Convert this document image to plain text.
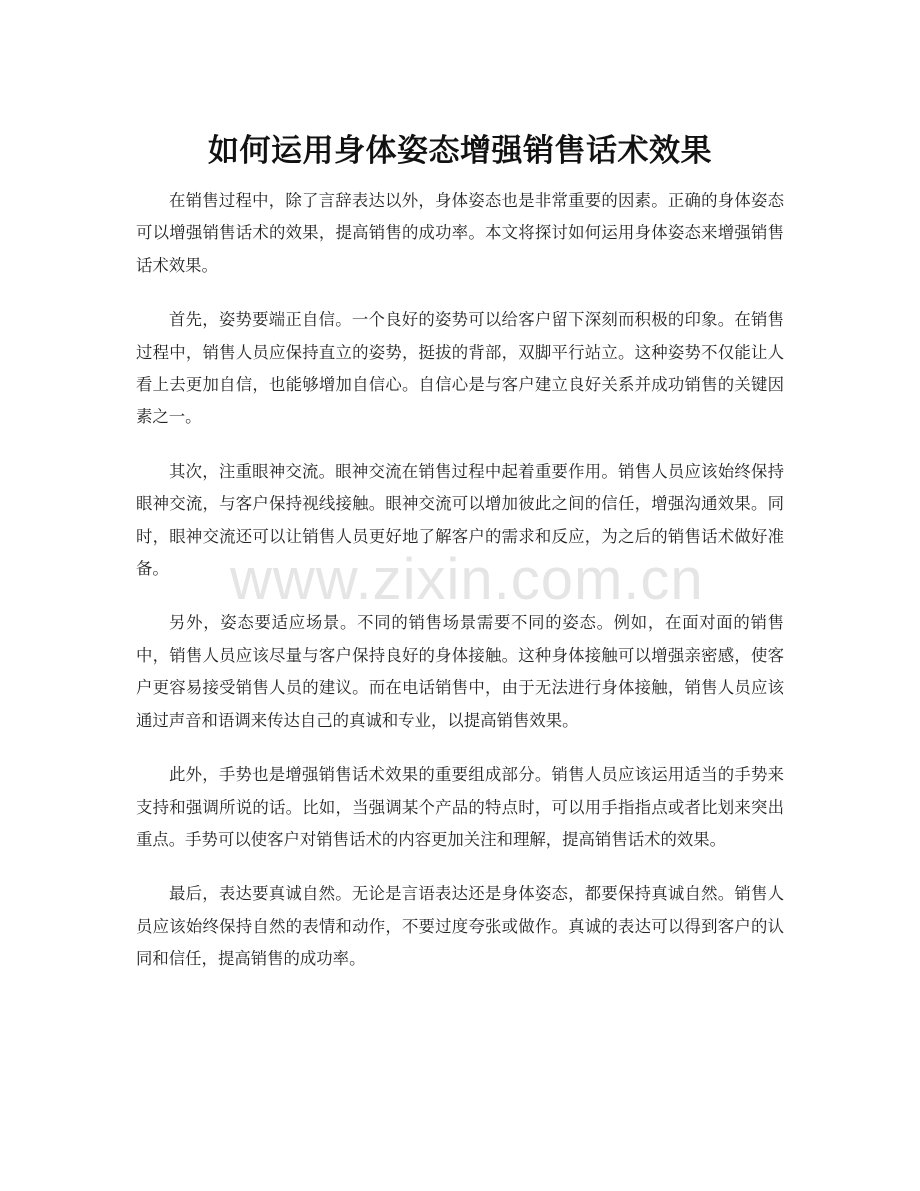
如何运用身体姿态增强销售话术效果

在销售过程中，除了言辞表达以外，身体姿态也是非常重要的因素。正确的身体姿态可以增强销售话术的效果，提高销售的成功率。本文将探讨如何运用身体姿态来增强销售话术效果。

首先，姿势要端正自信。一个良好的姿势可以给客户留下深刻而积极的印象。在销售过程中，销售人员应保持直立的姿势，挺拔的背部，双脚平行站立。这种姿势不仅能让人看上去更加自信，也能够增加自信心。自信心是与客户建立良好关系并成功销售的关键因素之一。

其次，注重眼神交流。眼神交流在销售过程中起着重要作用。销售人员应该始终保持眼神交流，与客户保持视线接触。眼神交流可以增加彼此之间的信任，增强沟通效果。同时，眼神交流还可以让销售人员更好地了解客户的需求和反应，为之后的销售话术做好准备。

另外，姿态要适应场景。不同的销售场景需要不同的姿态。例如，在面对面的销售中，销售人员应该尽量与客户保持良好的身体接触。这种身体接触可以增强亲密感，使客户更容易接受销售人员的建议。而在电话销售中，由于无法进行身体接触，销售人员应该通过声音和语调来传达自己的真诚和专业，以提高销售效果。

此外，手势也是增强销售话术效果的重要组成部分。销售人员应该运用适当的手势来支持和强调所说的话。比如，当强调某个产品的特点时，可以用手指指点或者比划来突出重点。手势可以使客户对销售话术的内容更加关注和理解，提高销售话术的效果。

最后，表达要真诚自然。无论是言语表达还是身体姿态，都要保持真诚自然。销售人员应该始终保持自然的表情和动作，不要过度夸张或做作。真诚的表达可以得到客户的认同和信任，提高销售的成功率。

www.zixin.com.cn
